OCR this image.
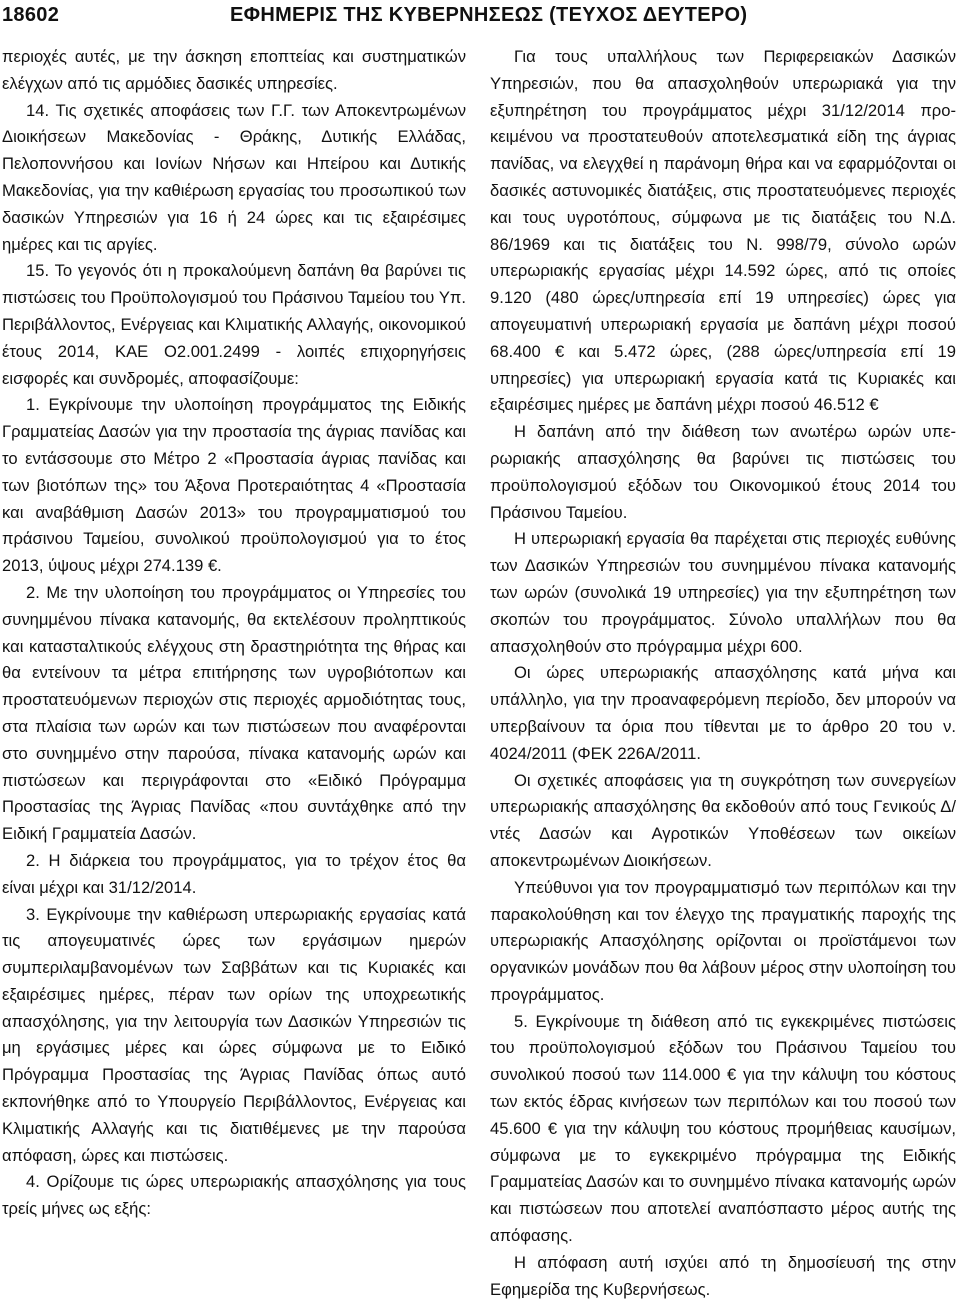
18602	ΕΦΗΜΕΡΙΣ ΤΗΣ ΚΥΒΕΡΝΗΣΕΩΣ (ΤΕΥΧΟΣ ΔΕΥΤΕΡΟ)

περιοχές αυτές, με την άσκηση εποπτείας και συστηματικών ελέγχων από τις αρμόδιες δασικές υπηρεσίες.

14. Τις σχετικές αποφάσεις των Γ.Γ. των Αποκεντρωμένων Διοικήσεων Μακεδονίας - Θράκης, Δυτικής Ελλάδας, Πελοποννήσου και Ιονίων Νήσων και Ηπείρου και Δυτικής Μακεδονίας, για την καθιέρωση εργασίας του προσωπικού των δασικών Υπηρεσιών για 16 ή 24 ώρες και τις εξαιρέσιμες ημέρες και τις αργίες.

15. Το γεγονός ότι η προκαλούμενη δαπάνη θα βαρύνει τις πιστώσεις του Προϋπολογισμού του Πράσινου Ταμείου του Υπ. Περιβάλλοντος, Ενέργειας και Κλιματικής Αλλαγής, οικονομικού έτους 2014, ΚΑΕ Ο2.001.2499 - λοιπές επιχορηγήσεις εισφορές και συνδρομές, αποφασίζουμε:

1. Εγκρίνουμε την υλοποίηση προγράμματος της Ειδικής Γραμματείας Δασών για την προστασία της άγριας πανίδας και το εντάσσουμε στο Μέτρο 2 «Προστασία άγριας πανίδας και των βιοτόπων της» του Άξονα Προτεραιότητας 4 «Προστασία και αναβάθμιση Δασών 2013» του προγραμματισμού του πράσινου Ταμείου, συνολικού προϋπολογισμού για το έτος 2013, ύψους μέχρι 274.139 €.

2. Με την υλοποίηση του προγράμματος οι Υπηρεσίες του συνημμένου πίνακα κατανομής, θα εκτελέσουν προληπτικούς και κατασταλτικούς ελέγχους στη δραστηριότητα της θήρας και θα εντείνουν τα μέτρα επιτήρησης των υγροβιότοπων και προστατευόμενων περιοχών στις περιοχές αρμοδιότητας τους, στα πλαίσια των ωρών και των πιστώσεων που αναφέρονται στο συνημμένο στην παρούσα, πίνακα κατανομής ωρών και πιστώσεων και περιγράφονται στο «Ειδικό Πρόγραμμα Προστασίας της Άγριας Πανίδας «που συντάχθηκε από την Ειδική Γραμματεία Δασών.

2. Η διάρκεια του προγράμματος, για το τρέχον έτος θα είναι μέχρι και 31/12/2014.

3. Εγκρίνουμε την καθιέρωση υπερωριακής εργασίας κατά τις απογευματινές ώρες των εργάσιμων ημερών συμπεριλαμβανομένων των Σαββάτων και τις Κυριακές και εξαιρέσιμες ημέρες, πέραν των ορίων της υποχρεωτικής απασχόλησης, για την λειτουργία των Δασικών Υπηρεσιών τις μη εργάσιμες μέρες και ώρες σύμφωνα με το Ειδικό Πρόγραμμα Προστασίας της Άγριας Πανίδας όπως αυτό εκπονήθηκε από το Υπουργείο Περιβάλλοντος, Ενέργειας και Κλιματικής Αλλαγής και τις διατιθέμενες με την παρούσα απόφαση, ώρες και πιστώσεις.

4. Ορίζουμε τις ώρες υπερωριακής απασχόλησης για τους τρείς μήνες ως εξής:

Για τους υπαλλήλους των Περιφερειακών Δασικών Υπηρεσιών, που θα απασχοληθούν υπερωριακά για την εξυπηρέτηση του προγράμματος μέχρι 31/12/2014 προκειμένου να προστατευθούν αποτελεσματικά είδη της άγριας πανίδας, να ελεγχθεί η παράνομη θήρα και να εφαρμόζονται οι δασικές αστυνομικές διατάξεις, στις προστατευόμενες περιοχές και τους υγροτόπους, σύμφωνα με τις διατάξεις του Ν.Δ. 86/1969 και τις διατάξεις του Ν. 998/79, σύνολο ωρών υπερωριακής εργασίας μέχρι 14.592 ώρες, από τις οποίες 9.120 (480 ώρες/υπηρεσία επί 19 υπηρεσίες) ώρες για απογευματινή υπερωριακή εργασία με δαπάνη μέχρι ποσού 68.400 € και 5.472 ώρες, (288 ώρες/υπηρεσία επί 19 υπηρεσίες) για υπερωριακή εργασία κατά τις Κυριακές και εξαιρέσιμες ημέρες με δαπάνη μέχρι ποσού 46.512 €

Η δαπάνη από την διάθεση των ανωτέρω ωρών υπερωριακής απασχόλησης θα βαρύνει τις πιστώσεις του προϋπολογισμού εξόδων του Οικονομικού έτους 2014 του Πράσινου Ταμείου.

Η υπερωριακή εργασία θα παρέχεται στις περιοχές ευθύνης των Δασικών Υπηρεσιών του συνημμένου πίνακα κατανομής των ωρών (συνολικά 19 υπηρεσίες) για την εξυπηρέτηση των σκοπών του προγράμματος. Σύνολο υπαλλήλων που θα απασχοληθούν στο πρόγραμμα μέχρι 600.

Οι ώρες υπερωριακής απασχόλησης κατά μήνα και υπάλληλο, για την προαναφερόμενη περίοδο, δεν μπορούν να υπερβαίνουν τα όρια που τίθενται με το άρθρο 20 του ν. 4024/2011 (ΦΕΚ 226Α/2011.

Οι σχετικές αποφάσεις για τη συγκρότηση των συνεργείων υπερωριακής απασχόλησης θα εκδοθούν από τους Γενικούς Δ/ντές Δασών και Αγροτικών Υποθέσεων των οικείων αποκεντρωμένων Διοικήσεων.

Υπεύθυνοι για τον προγραμματισμό των περιπόλων και την παρακολούθηση και τον έλεγχο της πραγματικής παροχής της υπερωριακής Απασχόλησης ορίζονται οι προϊστάμενοι των οργανικών μονάδων που θα λάβουν μέρος στην υλοποίηση του προγράμματος.

5. Εγκρίνουμε τη διάθεση από τις εγκεκριμένες πιστώσεις του προϋπολογισμού εξόδων του Πράσινου Ταμείου του συνολικού ποσού των 114.000 € για την κάλυψη του κόστους των εκτός έδρας κινήσεων των περιπόλων και του ποσού των 45.600 € για την κάλυψη του κόστους προμήθειας καυσίμων, σύμφωνα με το εγκεκριμένο πρόγραμμα της Ειδικής Γραμματείας Δασών και το συνημμένο πίνακα κατανομής ωρών και πιστώσεων που αποτελεί αναπόσπαστο μέρος αυτής της απόφασης.

Η απόφαση αυτή ισχύει από τη δημοσίευσή της στην Εφημερίδα της Κυβερνήσεως.
